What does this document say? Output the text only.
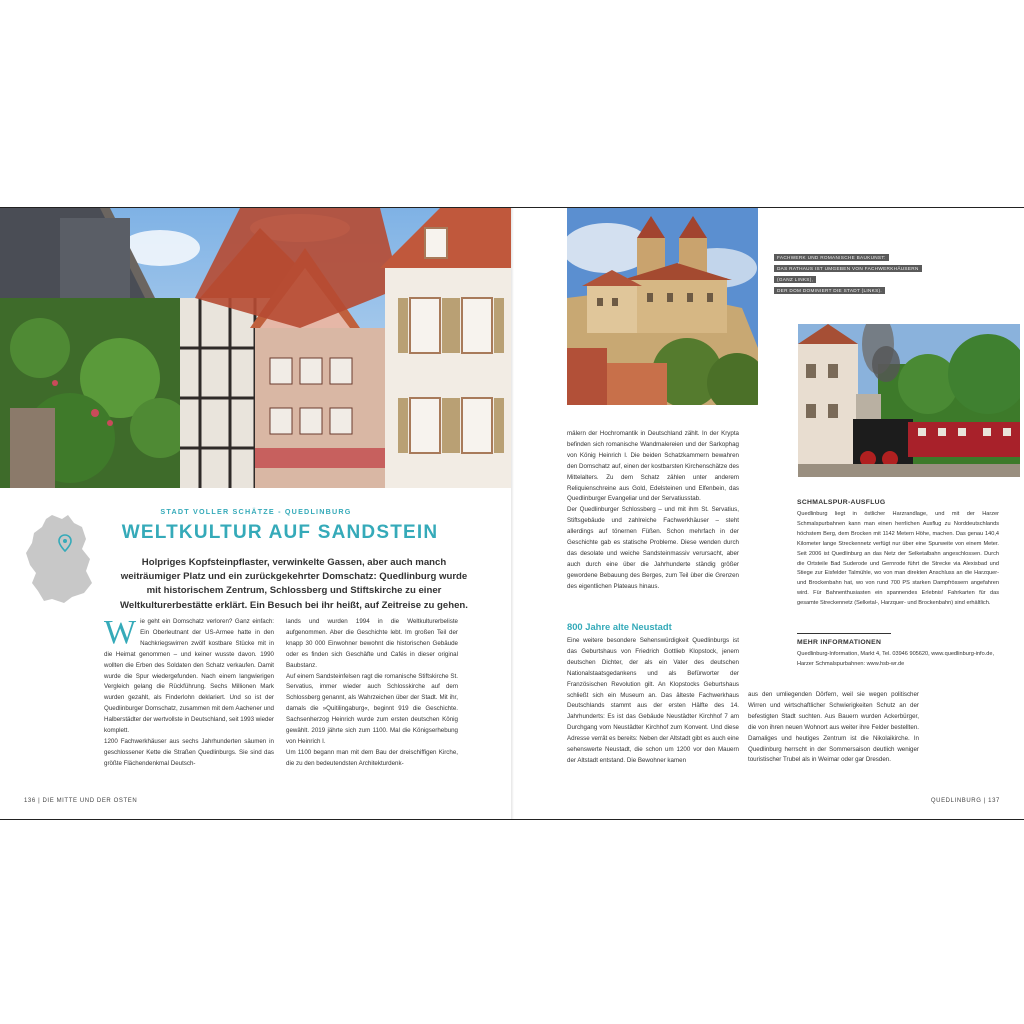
FACHWERK UND ROMANISCHE BAUKUNST:
DAS RATHAUS IST UMGEBEN VON FACHWERKHÄUSERN
(GANZ LINKS),
DER DOM DOMINIERT DIE STADT (LINKS).
STADT VOLLER SCHÄTZE - QUEDLINBURG
WELTKULTUR AUF SANDSTEIN
Holpriges Kopfsteinpflaster, verwinkelte Gassen, aber auch manch weiträumiger Platz und ein zurückgekehrter Domschatz: Quedlinburg wurde mit historischem Zentrum, Schlossberg und Stiftskirche zu einer Weltkulturerbestätte erklärt. Ein Besuch bei ihr heißt, auf Zeitreise zu gehen.
W ie geht ein Domschatz verloren? Ganz einfach: Ein Oberleutnant der US-Armee hatte in den Nachkriegswirren zwölf kostbare Stücke mit in die Heimat genommen – und keiner wusste davon. 1990 wollten die Erben des Soldaten den Schatz verkaufen. Damit wurde die Spur wiedergefunden. Nach einem langwierigen Vergleich gelang die Rückführung. Sechs Millionen Mark wurden gezahlt, als Finderlohn deklariert. Und so ist der Quedlinburger Domschatz, zusammen mit dem Aachener und Halberstädter der wertvollste in Deutschland, seit 1993 wieder komplett.

1200 Fachwerkhäuser aus sechs Jahrhunderten säumen in geschlossener Kette die Straßen Quedlinburgs. Sie sind das größte Flächendenkmal Deutsch-

lands und wurden 1994 in die Weltkulturerbeliste aufgenommen. Aber die Geschichte lebt. Im großen Teil der knapp 30 000 Einwohner bewohnt die historischen Gebäude oder es finden sich Geschäfte und Cafés in dieser original Baubstanz.

Auf einem Sandsteinfelsen ragt die romanische Stiftskirche St. Servatius, immer wieder auch Schlosskirche auf dem Schlossberg genannt, als Wahrzeichen über der Stadt. Mit ihr, damals die »Quitilingaburg«, beginnt 919 die Geschichte. Sachsenherzog Heinrich wurde zum ersten deutschen König gewählt. 2019 jährte sich zum 1100. Mal die Königserhebung von Heinrich I.

Um 1100 begann man mit dem Bau der dreischiffigen Kirche, die zu den bedeutendsten Architekturdenk-

mälern der Hochromantik in Deutschland zählt. In der Krypta befinden sich romanische Wandmalereien und der Sarkophag von König Heinrich I. Die beiden Schatzkammern bewahren den Domschatz auf, einen der kostbarsten Kirchenschätze des Mittelalters. Zu dem Schatz zählen unter anderem Reliquienschreine aus Gold, Edelsteinen und Elfenbein, das Quedlinburger Evangeliar und der Servatiusstab.

Der Quedlinburger Schlossberg – und mit ihm St. Servatius, Stiftsgebäude und zahlreiche Fachwerkhäuser – steht allerdings auf tönernen Füßen. Schon mehrfach in der Geschichte gab es statische Probleme. Diese wenden durch das desolate und weiche Sandsteinmassiv verursacht, aber auch durch eine über die Jahrhunderte ständig größer gewordene Bebauung des Berges, zum Teil über die Grenzen des eigentlichen Plateaus hinaus.

800 Jahre alte Neustadt

Eine weitere besondere Sehenswürdigkeit Quedlinburgs ist das Geburtshaus von Friedrich Gottlieb Klopstock, jenem deutschen Dichter, der als ein Vater des deutschen Nationalstaatsgedankens und als Befürworter der Französischen Revolution gilt. An Klopstocks Geburtshaus schließt sich ein Museum an. Das älteste Fachwerkhaus Deutschlands stammt aus der ersten Hälfte des 14. Jahrhunderts: Es ist das Gebäude Neustädter Kirchhof 7 am Durchgang vom Neustädter Kirchhof zum Konvent. Und diese Adresse verrät es bereits: Neben der Altstadt gibt es auch eine sehenswerte Neustadt, die schon um 1200 vor den Mauern der Altstadt entstand. Die Bewohner kamen

aus den umliegenden Dörfern, weil sie wegen politischer Wirren und wirtschaftlicher Schwierigkeiten Schutz an der befestigten Stadt suchten. Aus Bauern wurden Ackerbürger, die von ihren neuen Wohnort aus weiter ihre Felder bestellten. Damaliges und heutiges Zentrum ist die Nikolaikirche. In Quedlinburg herrscht in der Sommersaison deutlich weniger touristischer Trubel als in Weimar oder gar Dresden.

SCHMALSPUR-AUSFLUG

Quedlinburg liegt in östlicher Harzrandlage, und mit der Harzer Schmalspurbahnen kann man einen herrlichen Ausflug zu Norddeutschlands höchstem Berg, dem Brocken mit 1142 Metern Höhe, machen. Das genau 140,4 Kilometer lange Streckennetz verfügt nur über eine Spurweite von einem Meter. Seit 2006 ist Quedlinburg an das Netz der Selketalbahn angeschlossen. Durch die Ortsteile Bad Suderode und Gernrode führt die Strecke via Alexisbad und Stiege zur Eisfelder Talmühle, wo von man direkten Anschluss an die Harzquer- und Brockenbahn hat, wo von rund 700 PS starken Dampfrössern angefahren wird. Für Bahnenthusiasten ein spannendes Erlebnis! Fahrkarten für das gesamte Streckennetz (Selketal-, Harzquer- und Brockenbahn) sind erhältlich.

MEHR INFORMATIONEN

Quedlinburg-Information, Markt 4, Tel. 03946 905620, www.quedlinburg-info.de, Harzer Schmalspurbahnen: www.hsb-wr.de

136 | DIE MITTE UND DER OSTEN	QUEDLINBURG | 137
